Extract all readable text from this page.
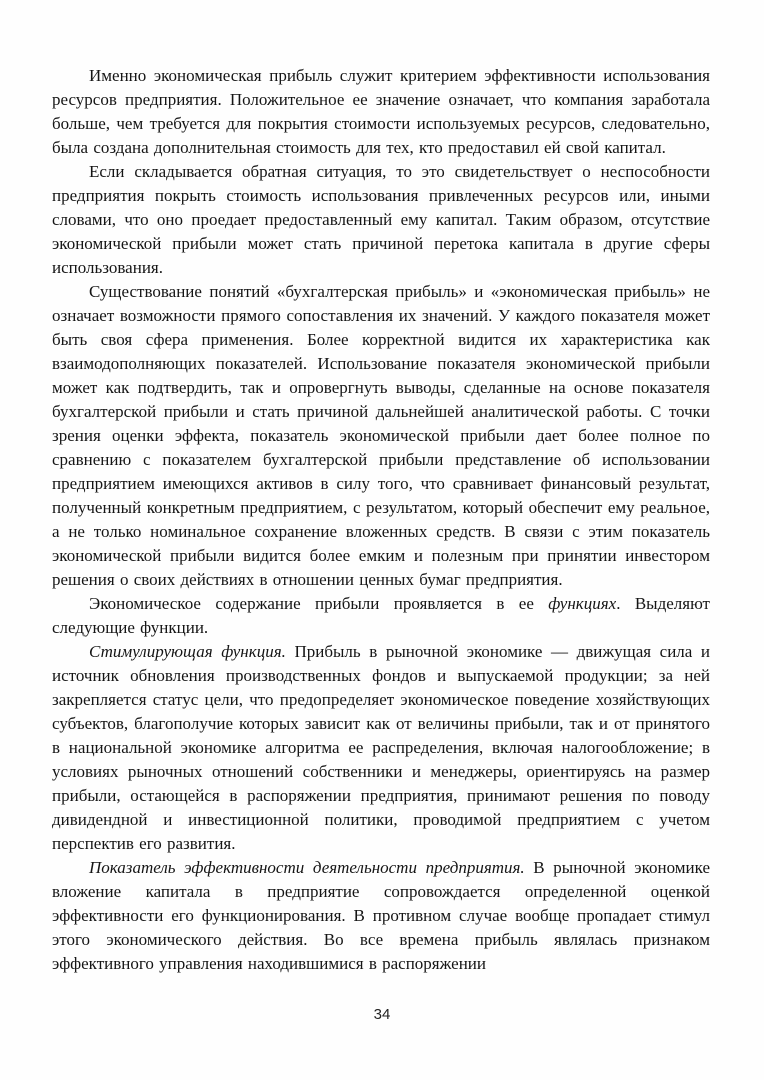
Именно экономическая прибыль служит критерием эффективности использования ресурсов предприятия. Положительное ее значение означает, что компания заработала больше, чем требуется для покрытия стоимости используемых ресурсов, следовательно, была создана дополнительная стоимость для тех, кто предоставил ей свой капитал.

Если складывается обратная ситуация, то это свидетельствует о неспособности предприятия покрыть стоимость использования привлеченных ресурсов или, иными словами, что оно проедает предоставленный ему капитал. Таким образом, отсутствие экономической прибыли может стать причиной перетока капитала в другие сферы использования.

Существование понятий «бухгалтерская прибыль» и «экономическая прибыль» не означает возможности прямого сопоставления их значений. У каждого показателя может быть своя сфера применения. Более корректной видится их характеристика как взаимодополняющих показателей. Использование показателя экономической прибыли может как подтвердить, так и опровергнуть выводы, сделанные на основе показателя бухгалтерской прибыли и стать причиной дальнейшей аналитической работы. С точки зрения оценки эффекта, показатель экономической прибыли дает более полное по сравнению с показателем бухгалтерской прибыли представление об использовании предприятием имеющихся активов в силу того, что сравнивает финансовый результат, полученный конкретным предприятием, с результатом, который обеспечит ему реальное, а не только номинальное сохранение вложенных средств. В связи с этим показатель экономической прибыли видится более емким и полезным при принятии инвестором решения о своих действиях в отношении ценных бумаг предприятия.

Экономическое содержание прибыли проявляется в ее функциях. Выделяют следующие функции.

Стимулирующая функция. Прибыль в рыночной экономике — движущая сила и источник обновления производственных фондов и выпускаемой продукции; за ней закрепляется статус цели, что предопределяет экономическое поведение хозяйствующих субъектов, благополучие которых зависит как от величины прибыли, так и от принятого в национальной экономике алгоритма ее распределения, включая налогообложение; в условиях рыночных отношений собственники и менеджеры, ориентируясь на размер прибыли, остающейся в распоряжении предприятия, принимают решения по поводу дивидендной и инвестиционной политики, проводимой предприятием с учетом перспектив его развития.

Показатель эффективности деятельности предприятия. В рыночной экономике вложение капитала в предприятие сопровождается определенной оценкой эффективности его функционирования. В противном случае вообще пропадает стимул этого экономического действия. Во все времена прибыль являлась признаком эффективного управления находившимися в распоряжении

34
